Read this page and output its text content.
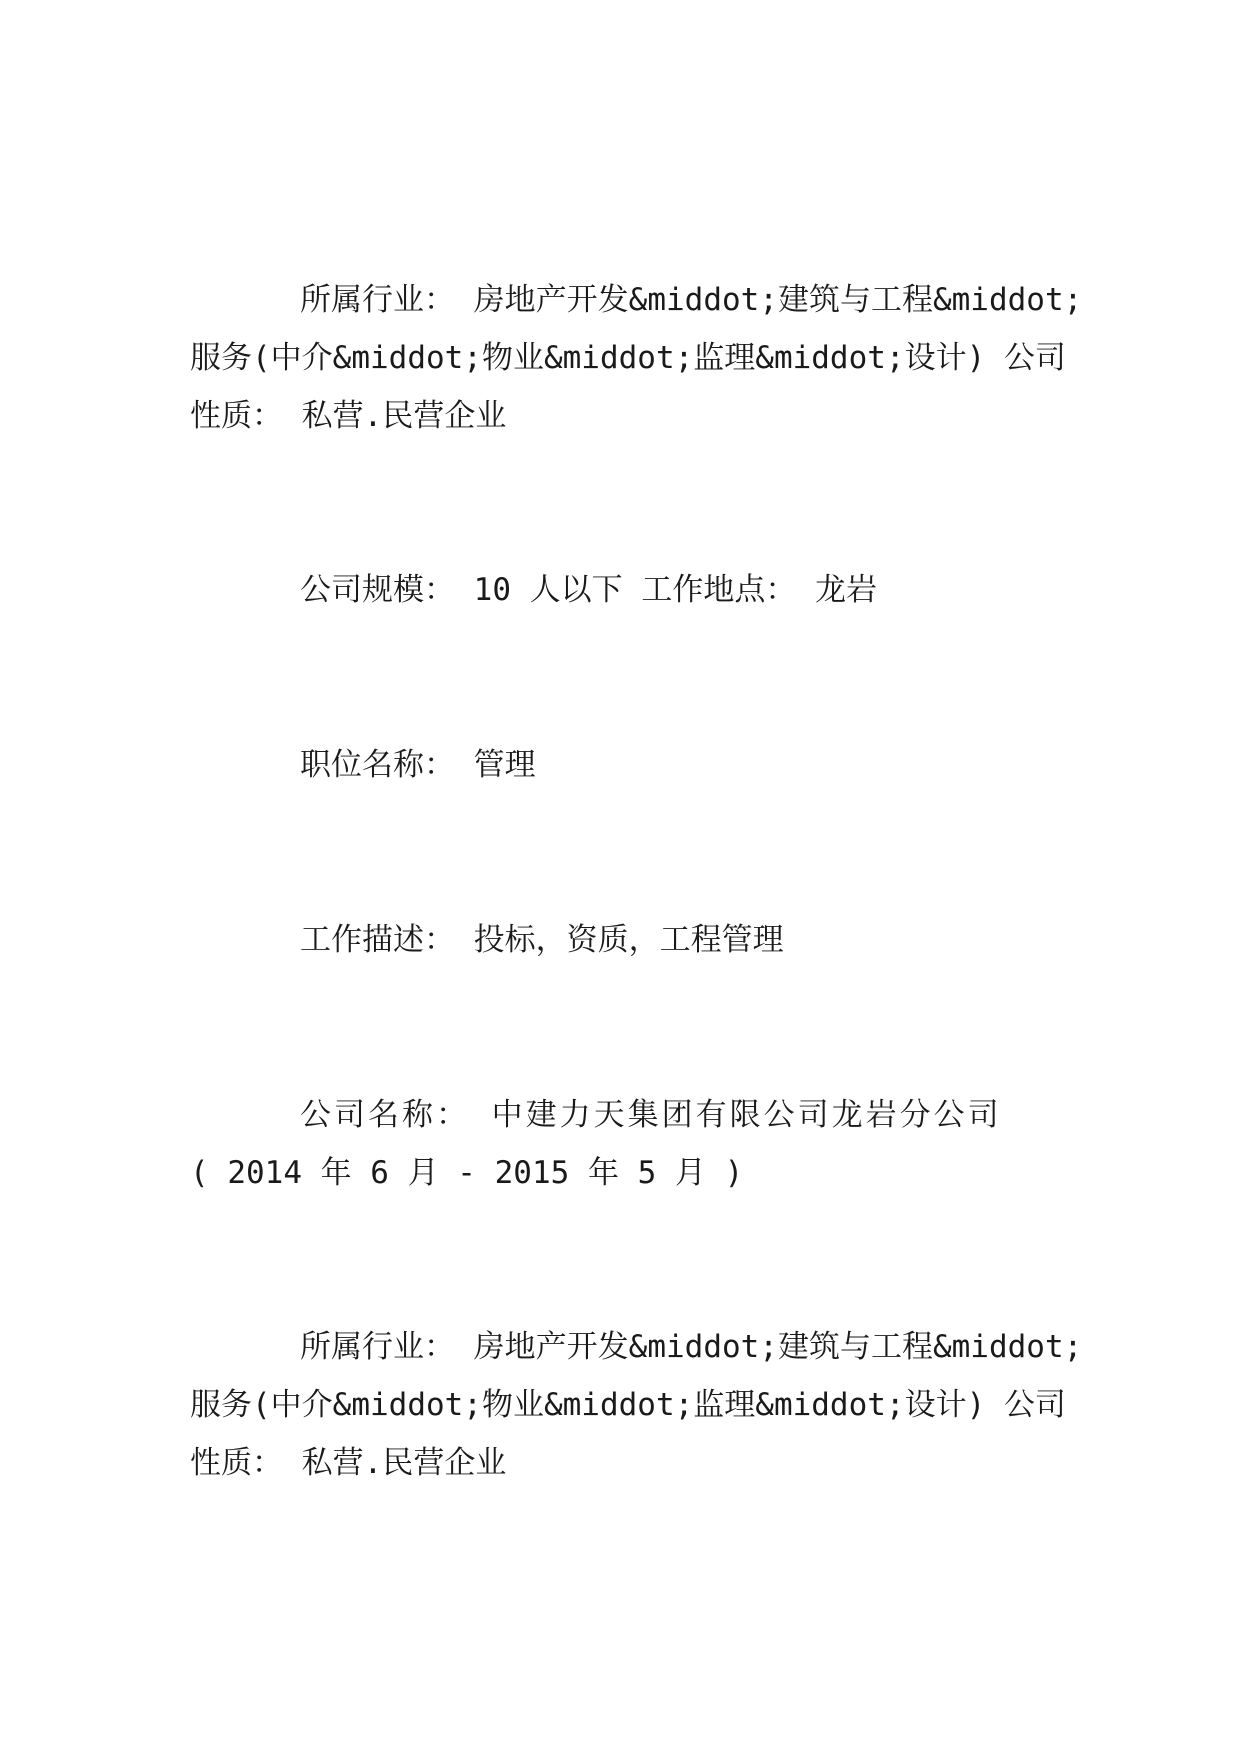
所属行业： 房地产开发&middot;建筑与工程&middot;

服务(中介&middot;物业&middot;监理&middot;设计) 公司

性质： 私营.民营企业

公司规模： 10 人以下 工作地点： 龙岩

职位名称： 管理

工作描述： 投标，资质，工程管理

公司名称： 中建力天集团有限公司龙岩分公司

( 2014 年 6 月 - 2015 年 5 月 )

所属行业： 房地产开发&middot;建筑与工程&middot;

服务(中介&middot;物业&middot;监理&middot;设计) 公司

性质： 私营.民营企业
